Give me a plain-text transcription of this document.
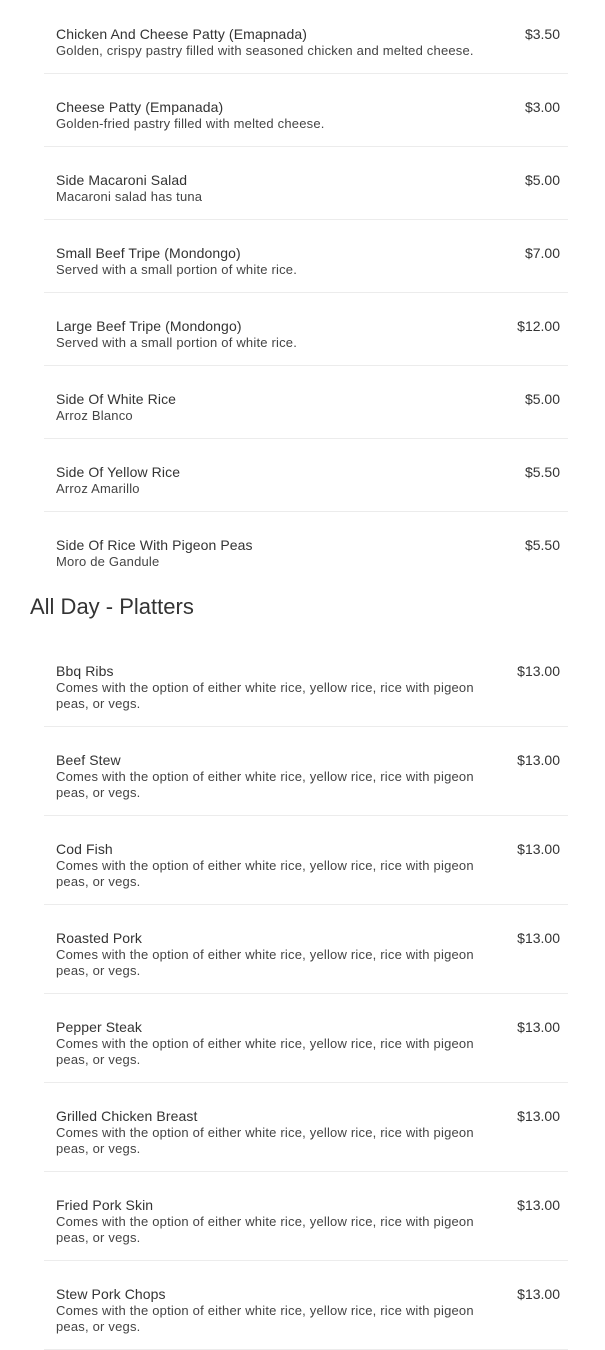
Chicken And Cheese Patty (Emapnada)
Golden, crispy pastry filled with seasoned chicken and melted cheese.
$3.50
Cheese Patty (Empanada)
Golden-fried pastry filled with melted cheese.
$3.00
Side Macaroni Salad
Macaroni salad has tuna
$5.00
Small Beef Tripe (Mondongo)
Served with a small portion of white rice.
$7.00
Large Beef Tripe (Mondongo)
Served with a small portion of white rice.
$12.00
Side Of White Rice
Arroz Blanco
$5.00
Side Of Yellow Rice
Arroz Amarillo
$5.50
Side Of Rice With Pigeon Peas
Moro de Gandule
$5.50
All Day - Platters
Bbq Ribs
Comes with the option of either white rice, yellow rice, rice with pigeon peas, or vegs.
$13.00
Beef Stew
Comes with the option of either white rice, yellow rice, rice with pigeon peas, or vegs.
$13.00
Cod Fish
Comes with the option of either white rice, yellow rice, rice with pigeon peas, or vegs.
$13.00
Roasted Pork
Comes with the option of either white rice, yellow rice, rice with pigeon peas, or vegs.
$13.00
Pepper Steak
Comes with the option of either white rice, yellow rice, rice with pigeon peas, or vegs.
$13.00
Grilled Chicken Breast
Comes with the option of either white rice, yellow rice, rice with pigeon peas, or vegs.
$13.00
Fried Pork Skin
Comes with the option of either white rice, yellow rice, rice with pigeon peas, or vegs.
$13.00
Stew Pork Chops
Comes with the option of either white rice, yellow rice, rice with pigeon peas, or vegs.
$13.00
